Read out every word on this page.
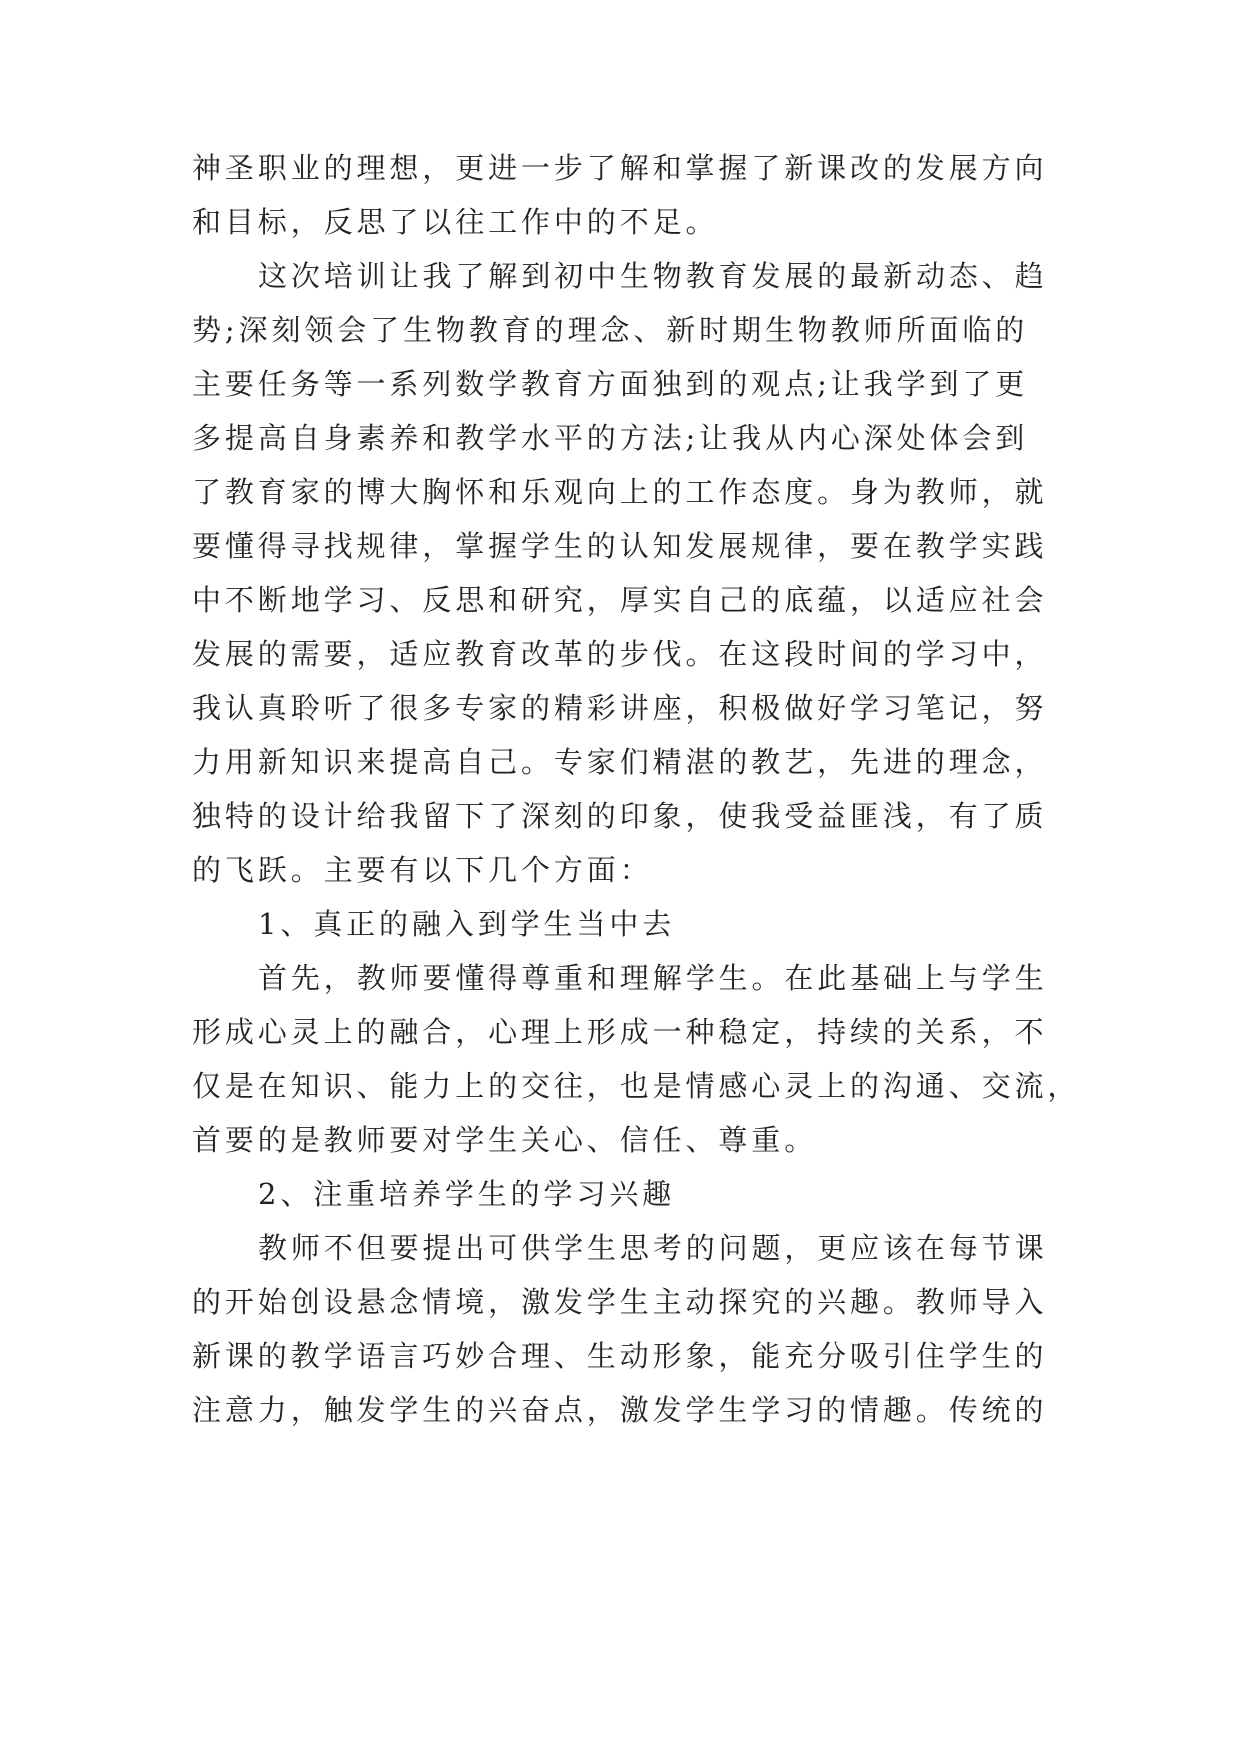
神圣职业的理想，更进一步了解和掌握了新课改的发展方向
和目标，反思了以往工作中的不足。
这次培训让我了解到初中生物教育发展的最新动态、趋
势;深刻领会了生物教育的理念、新时期生物教师所面临的
主要任务等一系列数学教育方面独到的观点;让我学到了更
多提高自身素养和教学水平的方法;让我从内心深处体会到
了教育家的博大胸怀和乐观向上的工作态度。身为教师，就
要懂得寻找规律，掌握学生的认知发展规律，要在教学实践
中不断地学习、反思和研究，厚实自己的底蕴，以适应社会
发展的需要，适应教育改革的步伐。在这段时间的学习中，
我认真聆听了很多专家的精彩讲座，积极做好学习笔记，努
力用新知识来提高自己。专家们精湛的教艺，先进的理念，
独特的设计给我留下了深刻的印象，使我受益匪浅，有了质
的飞跃。主要有以下几个方面：
1、真正的融入到学生当中去
首先，教师要懂得尊重和理解学生。在此基础上与学生
形成心灵上的融合，心理上形成一种稳定，持续的关系，不
仅是在知识、能力上的交往，也是情感心灵上的沟通、交流，
首要的是教师要对学生关心、信任、尊重。
2、注重培养学生的学习兴趣
教师不但要提出可供学生思考的问题，更应该在每节课
的开始创设悬念情境，激发学生主动探究的兴趣。教师导入
新课的教学语言巧妙合理、生动形象，能充分吸引住学生的
注意力，触发学生的兴奋点，激发学生学习的情趣。传统的
